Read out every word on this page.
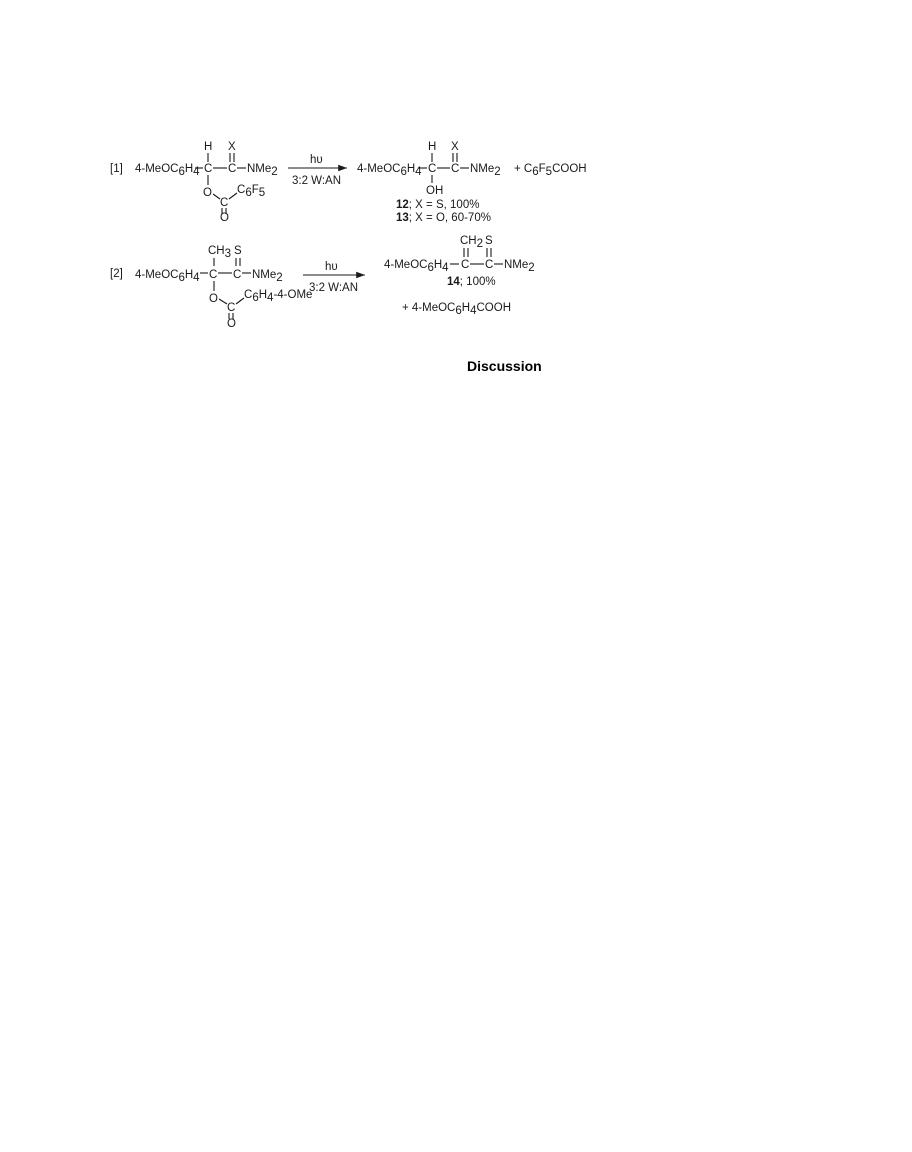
[1]
H X
4-MeOC6H4 C C NMe2
O
C
C6F5
O
hυ
3:2 W:AN
H X
4-MeOC6H4 C C NMe2
OH
+ C6F5COOH
12; X = S, 100%
13; X = O, 60-70%
[2]
CH3 S
4-MeOC6H4 C C NMe2
O
C
C6H4-4-OMe
O
hυ
3:2 W:AN
CH2 S
4-MeOC6H4 C C NMe2
14; 100%
+ 4-MeOC6H4COOH
Discussion
